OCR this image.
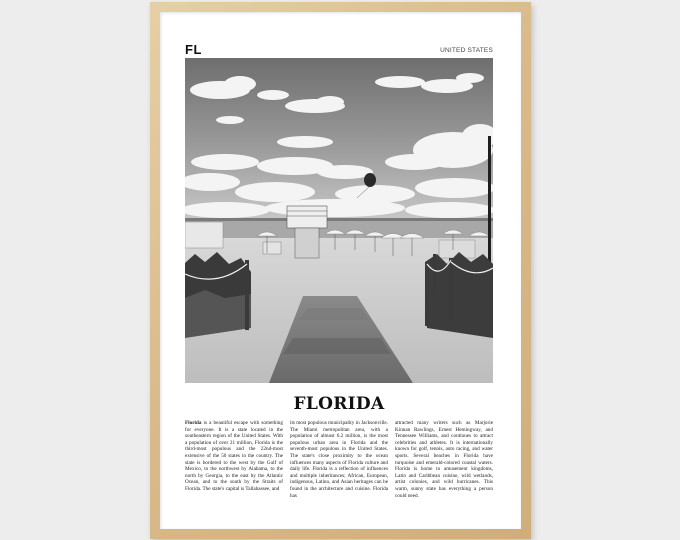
FL	UNITED STATES
FLORIDA
Florida is a beautiful escape with something for everyone. It is a state located in the southeastern region of the United States. With a population of over 21 million, Florida is the third-most populous and the 22nd-most extensive of the 50 states in the country. The state is bordered to the west by the Gulf of Mexico, to the northwest by Alabama, to the north by Georgia, to the east by the Atlantic Ocean, and to the south by the Straits of Florida. The state's capital is Tallahassee, and
its most populous municipality in Jacksonville. The Miami metropolitan area, with a population of almost 6.2 million, is the most populous urban area in Florida and the seventh-most populous in the United States. The state's close proximity to the ocean influences many aspects of Florida culture and daily life. Florida is a reflection of influences and multiple inheritances; African, European, indigenous, Latino, and Asian heritages can be found in the architecture and cuisine. Florida has
attracted many writers such as Marjorie Kinnan Rawlings, Ernest Hemingway, and Tennessee Williams, and continues to attract celebrities and athletes. It is internationally known for golf, tennis, auto racing, and water sports. Several beaches in Florida have turquoise and emerald-colored coastal waters. Florida is home to amusement kingdoms, Latin and Caribbean cuisine, wild wetlands, artist colonies, and wild hurricanes. This warm, sunny state has everything a person could need.
